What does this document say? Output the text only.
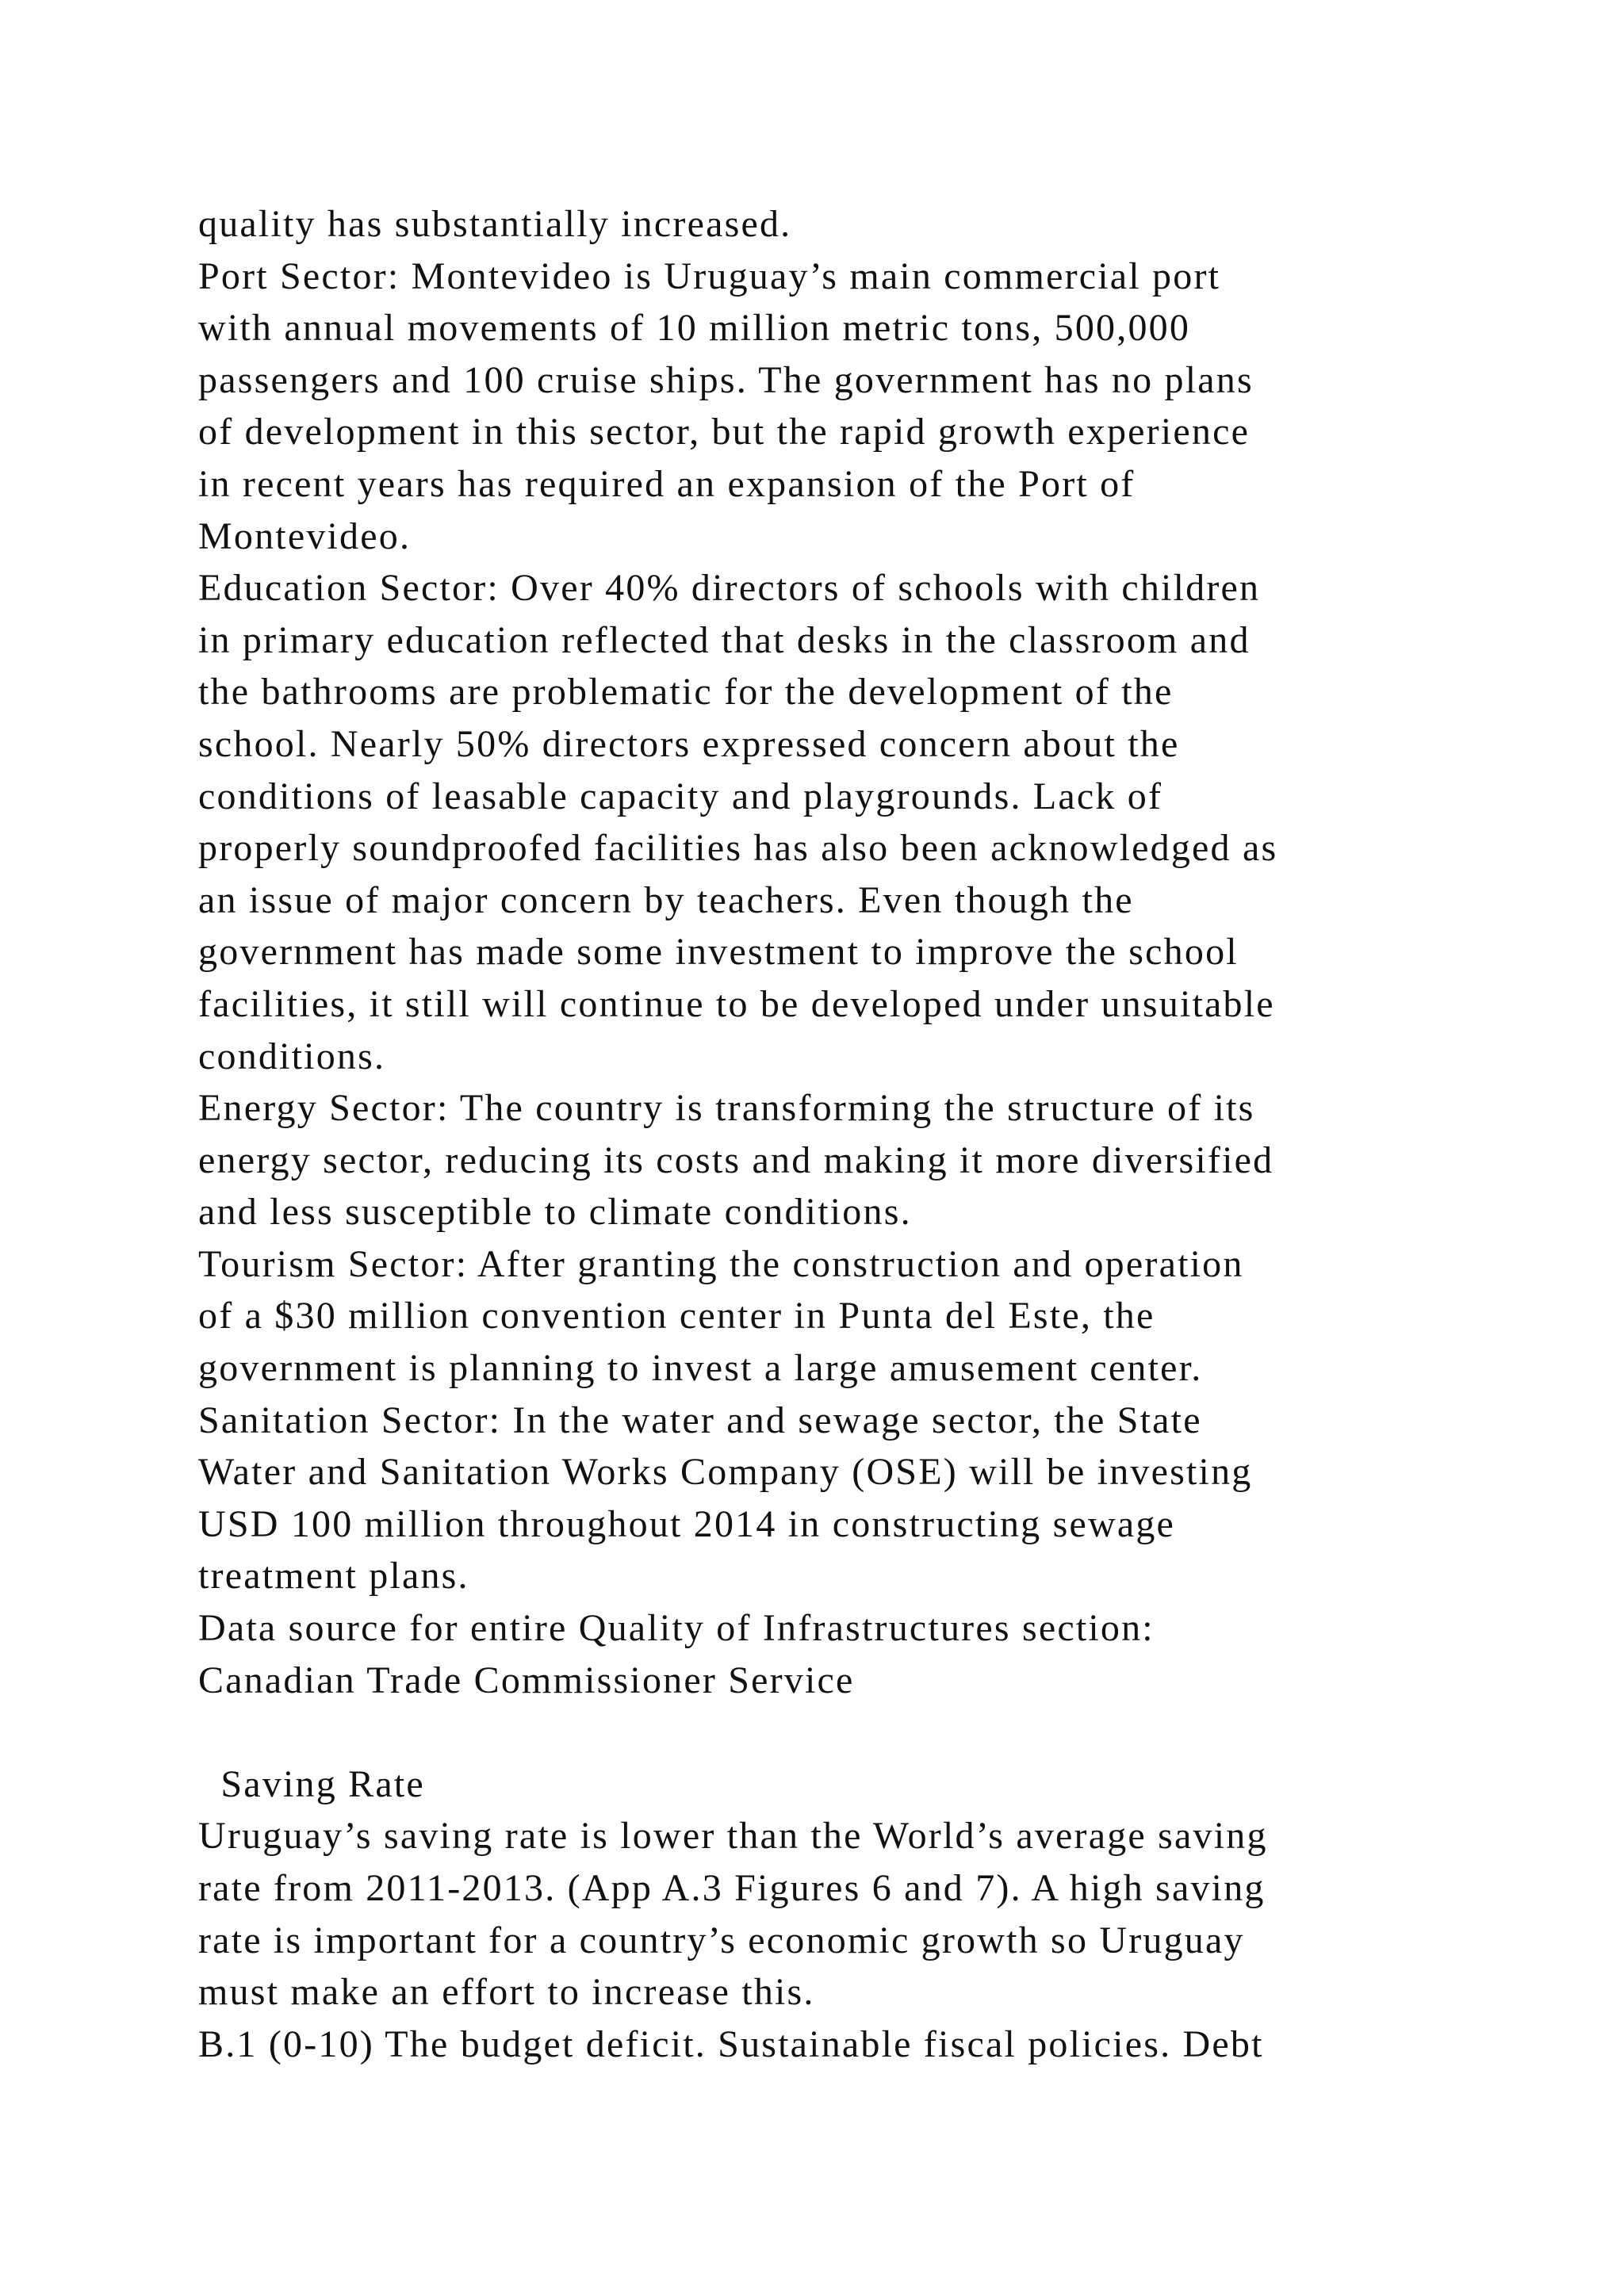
quality has substantially increased.
Port Sector: Montevideo is Uruguay’s main commercial port
with annual movements of 10 million metric tons, 500,000
passengers and 100 cruise ships. The government has no plans
of development in this sector, but the rapid growth experience
in recent years has required an expansion of the Port of
Montevideo.
Education Sector: Over 40% directors of schools with children
in primary education reflected that desks in the classroom and
the bathrooms are problematic for the development of the
school. Nearly 50% directors expressed concern about the
conditions of leasable capacity and playgrounds. Lack of
properly soundproofed facilities has also been acknowledged as
an issue of major concern by teachers. Even though the
government has made some investment to improve the school
facilities, it still will continue to be developed under unsuitable
conditions.
Energy Sector: The country is transforming the structure of its
energy sector, reducing its costs and making it more diversified
and less susceptible to climate conditions.
Tourism Sector: After granting the construction and operation
of a $30 million convention center in Punta del Este, the
government is planning to invest a large amusement center.
Sanitation Sector: In the water and sewage sector, the State
Water and Sanitation Works Company (OSE) will be investing
USD 100 million throughout 2014 in constructing sewage
treatment plans.
Data source for entire Quality of Infrastructures section:
Canadian Trade Commissioner Service
Saving Rate
Uruguay’s saving rate is lower than the World’s average saving
rate from 2011-2013. (App A.3 Figures 6 and 7). A high saving
rate is important for a country’s economic growth so Uruguay
must make an effort to increase this.
B.1 (0-10) The budget deficit. Sustainable fiscal policies. Debt
